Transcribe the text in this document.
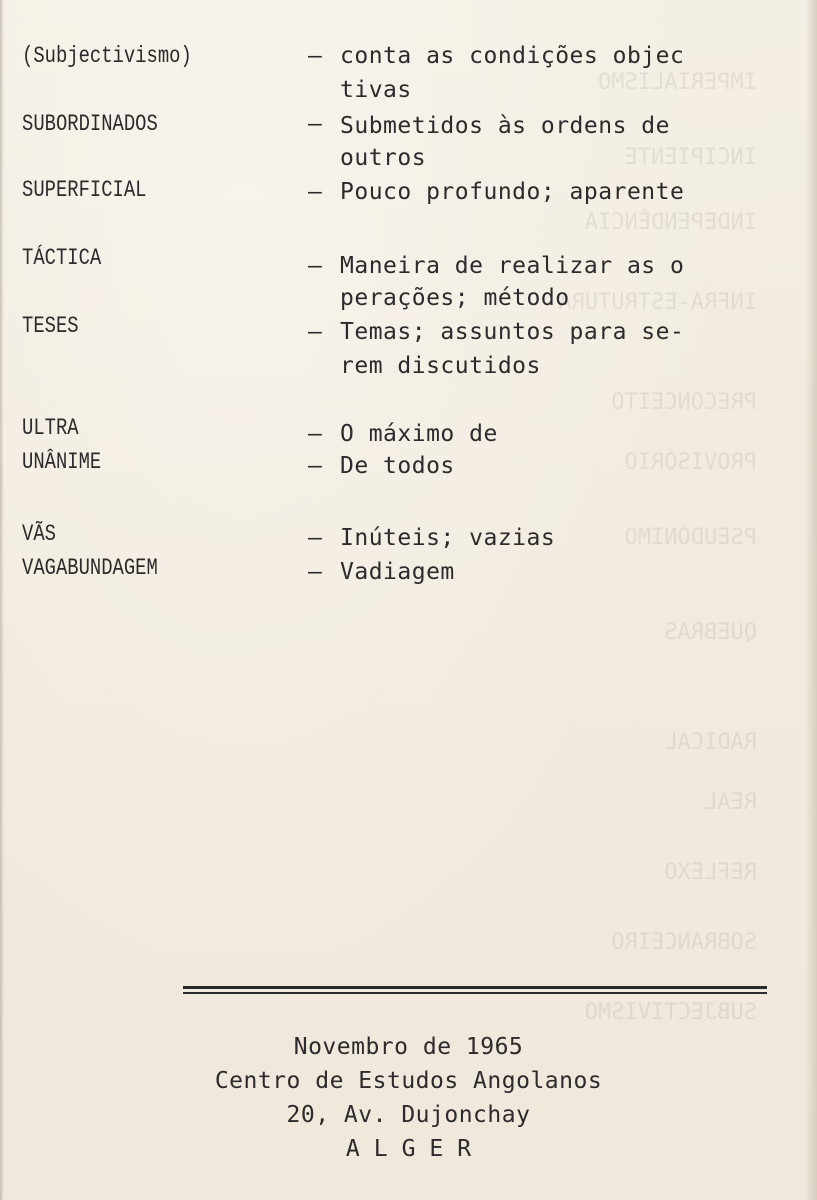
IMPERIALISMO
INCIPIENTE
INDEPENDÊNCIA
INFRA-ESTRUTURA
PRECONCEITO
PROVISÓRIO
PSEUDÓNIMO
QUEBRAS
RADICAL
REAL
REFLEXO
SOBRANCEIRO
SUBJECTIVISMO
(Subjectivismo)	– conta as condições objec
tivas
SUBORDINADOS	– Submetidos às ordens de
outros
SUPERFICIAL	– Pouco profundo; aparente
TÁCTICA	– Maneira de realizar as o
perações; método
TESES	– Temas; assuntos para se-
rem discutidos
ULTRA	– O máximo de
UNÂNIME	– De todos
VÃS	– Inúteis; vazias
VAGABUNDAGEM	– Vadiagem
Novembro de 1965
Centro de Estudos Angolanos
20, Av. Dujonchay
ALGER
